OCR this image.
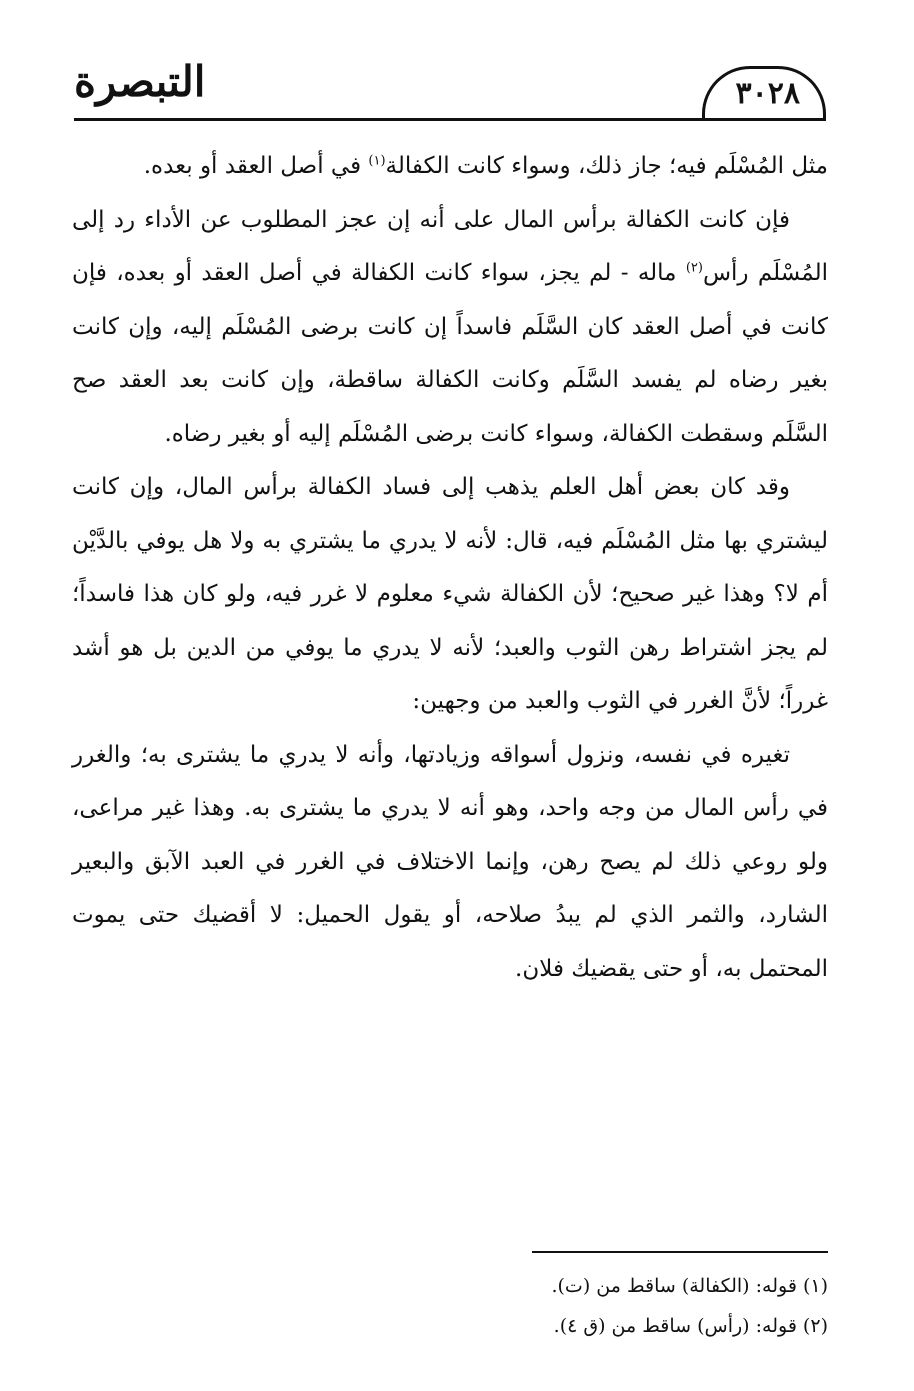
التبصرة	٣٠٢٨

مثل المُسْلَم فيه؛ جاز ذلك، وسواء كانت الكفالة$^{(١)}$ في أصل العقد أو بعده.

فإن كانت الكفالة برأس المال على أنه إن عجز المطلوب عن الأداء رد إلى المُسْلَم رأس$^{(٢)}$ ماله - لم يجز، سواء كانت الكفالة في أصل العقد أو بعده، فإن كانت في أصل العقد كان السَّلَم فاسداً إن كانت برضى المُسْلَم إليه، وإن كانت بغير رضاه لم يفسد السَّلَم وكانت الكفالة ساقطة، وإن كانت بعد العقد صح السَّلَم وسقطت الكفالة، وسواء كانت برضى المُسْلَم إليه أو بغير رضاه.

وقد كان بعض أهل العلم يذهب إلى فساد الكفالة برأس المال، وإن كانت ليشتري بها مثل المُسْلَم فيه، قال: لأنه لا يدري ما يشتري به ولا هل يوفي بالدَّيْن أم لا؟ وهذا غير صحيح؛ لأن الكفالة شيء معلوم لا غرر فيه، ولو كان هذا فاسداً؛ لم يجز اشتراط رهن الثوب والعبد؛ لأنه لا يدري ما يوفي من الدين بل هو أشد غرراً؛ لأنَّ الغرر في الثوب والعبد من وجهين:

تغيره في نفسه، ونزول أسواقه وزيادتها، وأنه لا يدري ما يشترى به؛ والغرر في رأس المال من وجه واحد، وهو أنه لا يدري ما يشترى به. وهذا غير مراعى، ولو روعي ذلك لم يصح رهن، وإنما الاختلاف في الغرر في العبد الآبق والبعير الشارد، والثمر الذي لم يبدُ صلاحه، أو يقول الحميل: لا أقضيك حتى يموت المحتمل به، أو حتى يقضيك فلان.

(١) قوله: (الكفالة) ساقط من (ت).

(٢) قوله: (رأس) ساقط من (ق ٤).
